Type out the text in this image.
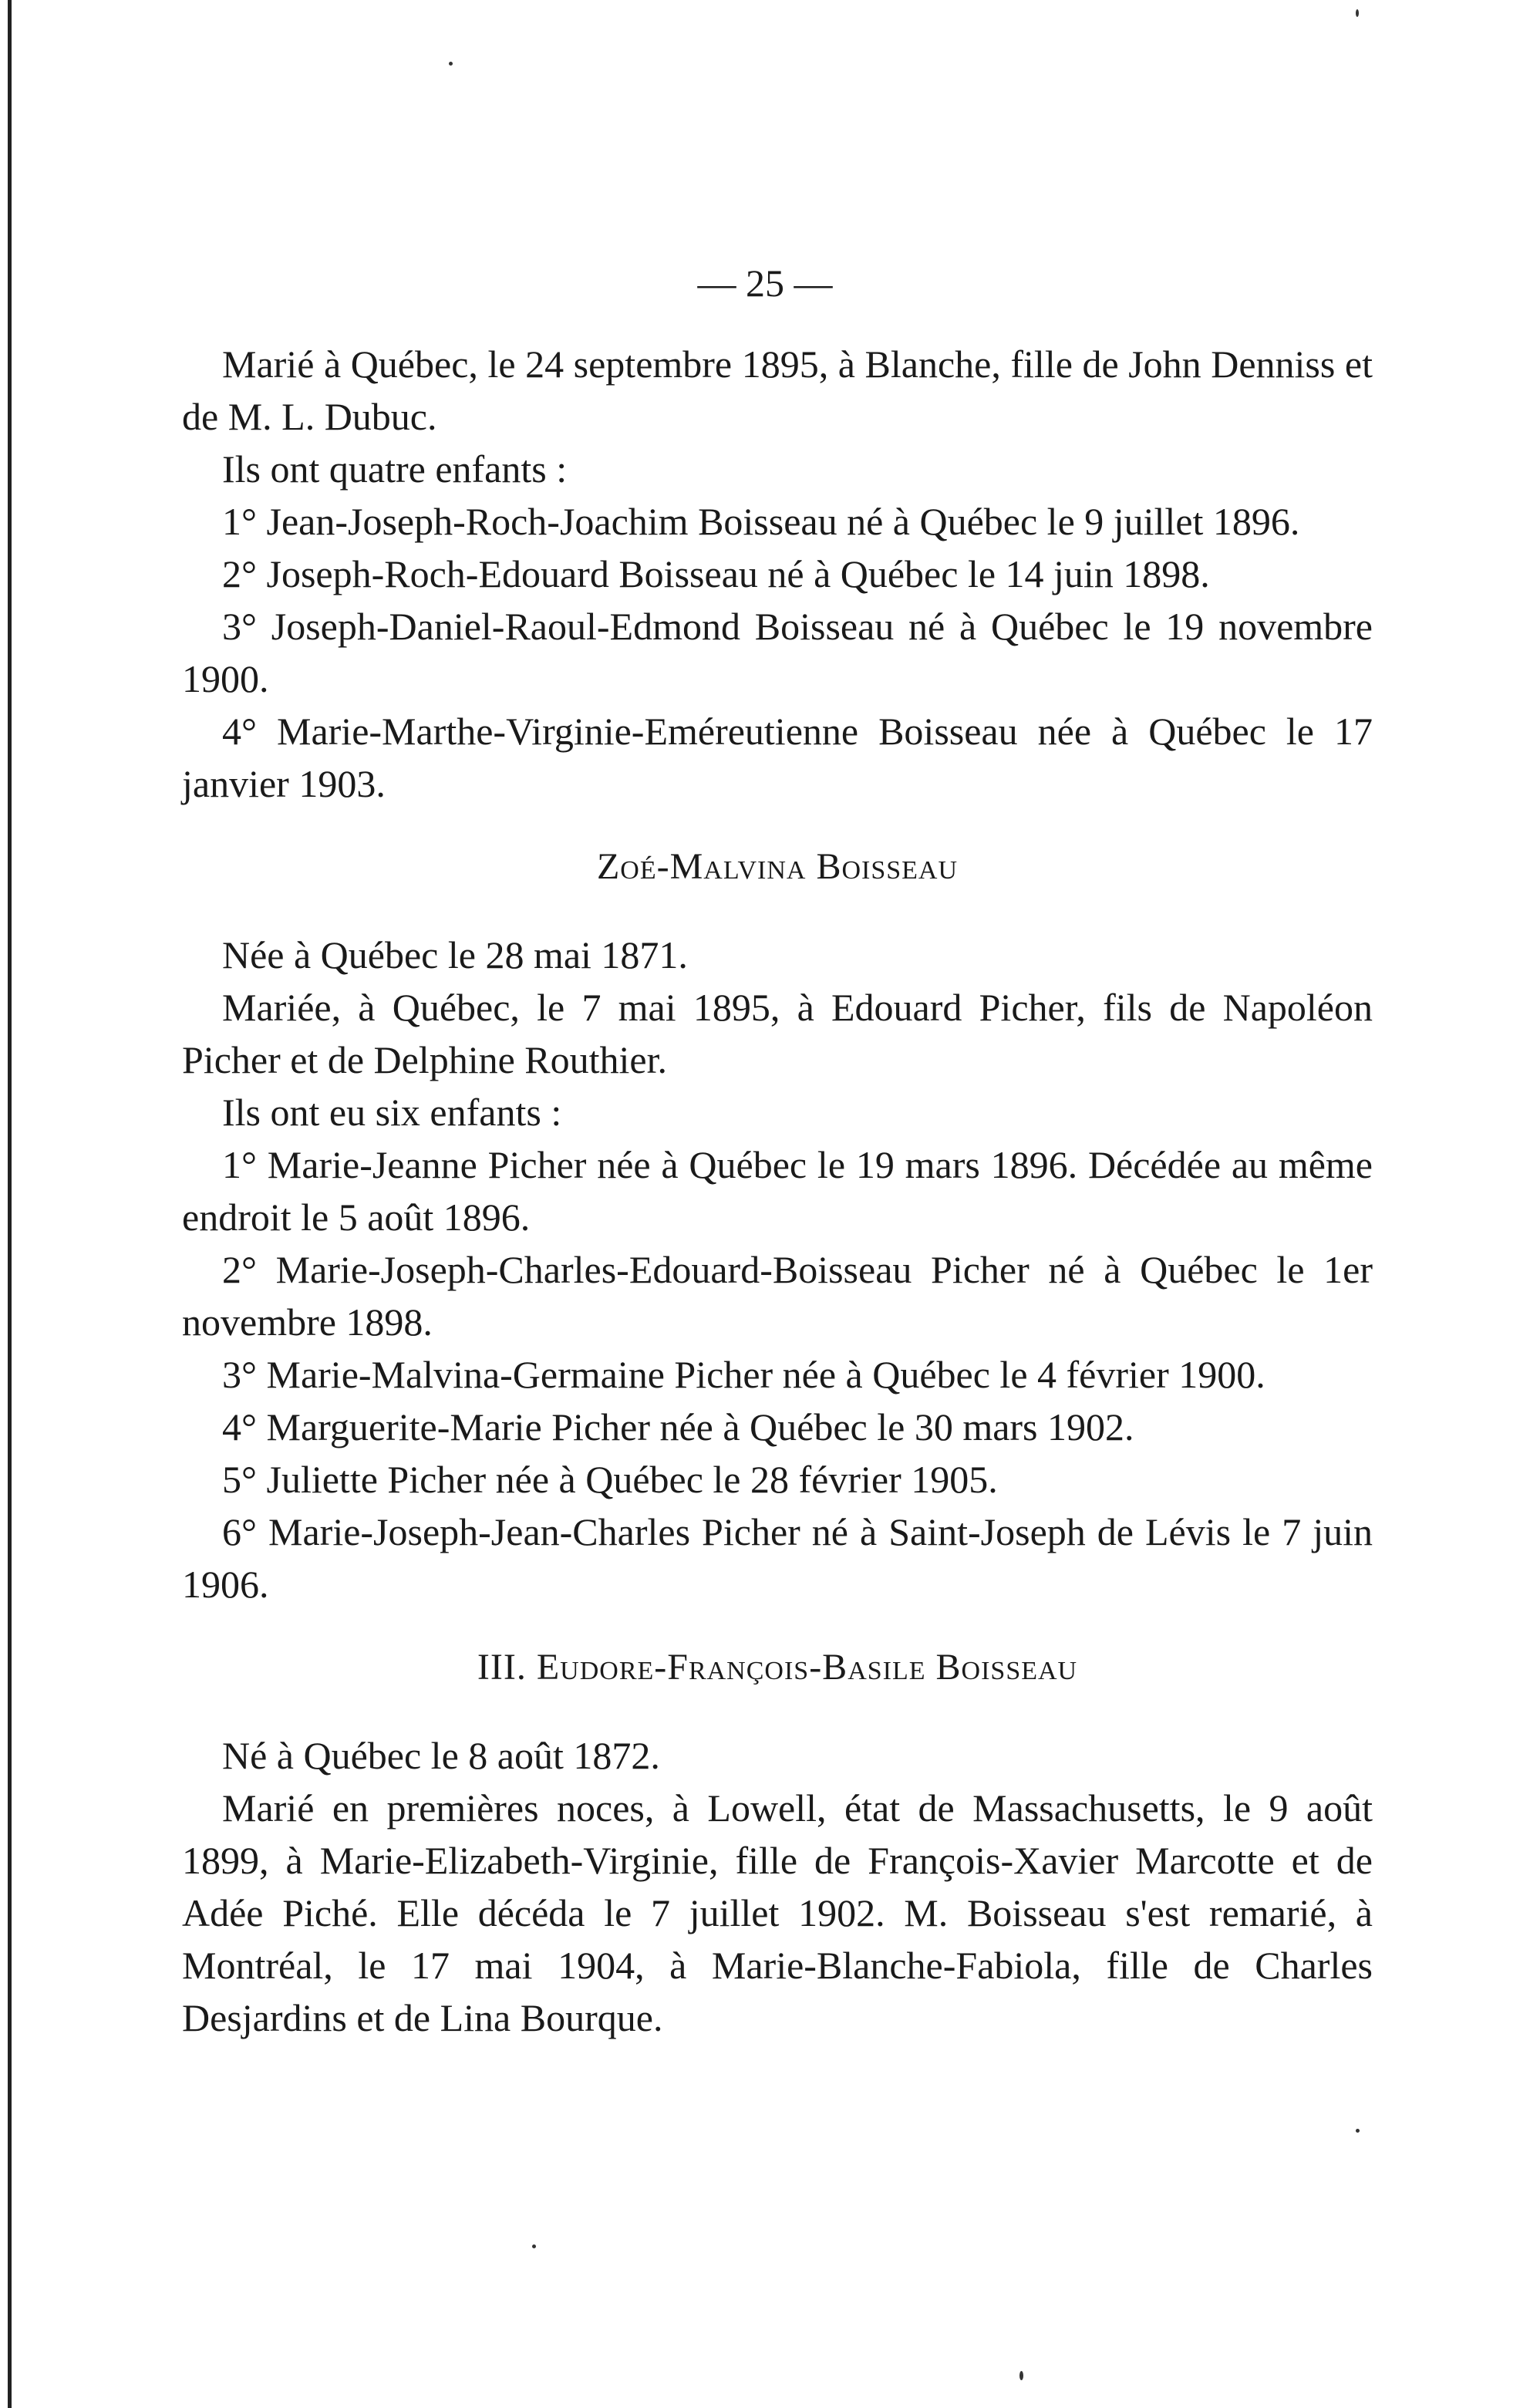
— 25 —

Marié à Québec, le 24 septembre 1895, à Blanche, fille de John Denniss et de M. L. Dubuc.

Ils ont quatre enfants :

1° Jean-Joseph-Roch-Joachim Boisseau né à Québec le 9 juillet 1896.

2° Joseph-Roch-Edouard Boisseau né à Québec le 14 juin 1898.

3° Joseph-Daniel-Raoul-Edmond Boisseau né à Québec le 19 novembre 1900.

4° Marie-Marthe-Virginie-Eméreutienne Boisseau née à Québec le 17 janvier 1903.

Zoé-Malvina Boisseau

Née à Québec le 28 mai 1871.

Mariée, à Québec, le 7 mai 1895, à Edouard Picher, fils de Napoléon Picher et de Delphine Routhier.

Ils ont eu six enfants :

1° Marie-Jeanne Picher née à Québec le 19 mars 1896. Décédée au même endroit le 5 août 1896.

2° Marie-Joseph-Charles-Edouard-Boisseau Picher né à Québec le 1er novembre 1898.

3° Marie-Malvina-Germaine Picher née à Québec le 4 février 1900.

4° Marguerite-Marie Picher née à Québec le 30 mars 1902.

5° Juliette Picher née à Québec le 28 février 1905.

6° Marie-Joseph-Jean-Charles Picher né à Saint-Joseph de Lévis le 7 juin 1906.

III. Eudore-François-Basile Boisseau

Né à Québec le 8 août 1872.

Marié en premières noces, à Lowell, état de Massachusetts, le 9 août 1899, à Marie-Elizabeth-Virginie, fille de François-Xavier Marcotte et de Adée Piché. Elle décéda le 7 juillet 1902. M. Boisseau s'est remarié, à Montréal, le 17 mai 1904, à Marie-Blanche-Fabiola, fille de Charles Desjardins et de Lina Bourque.
